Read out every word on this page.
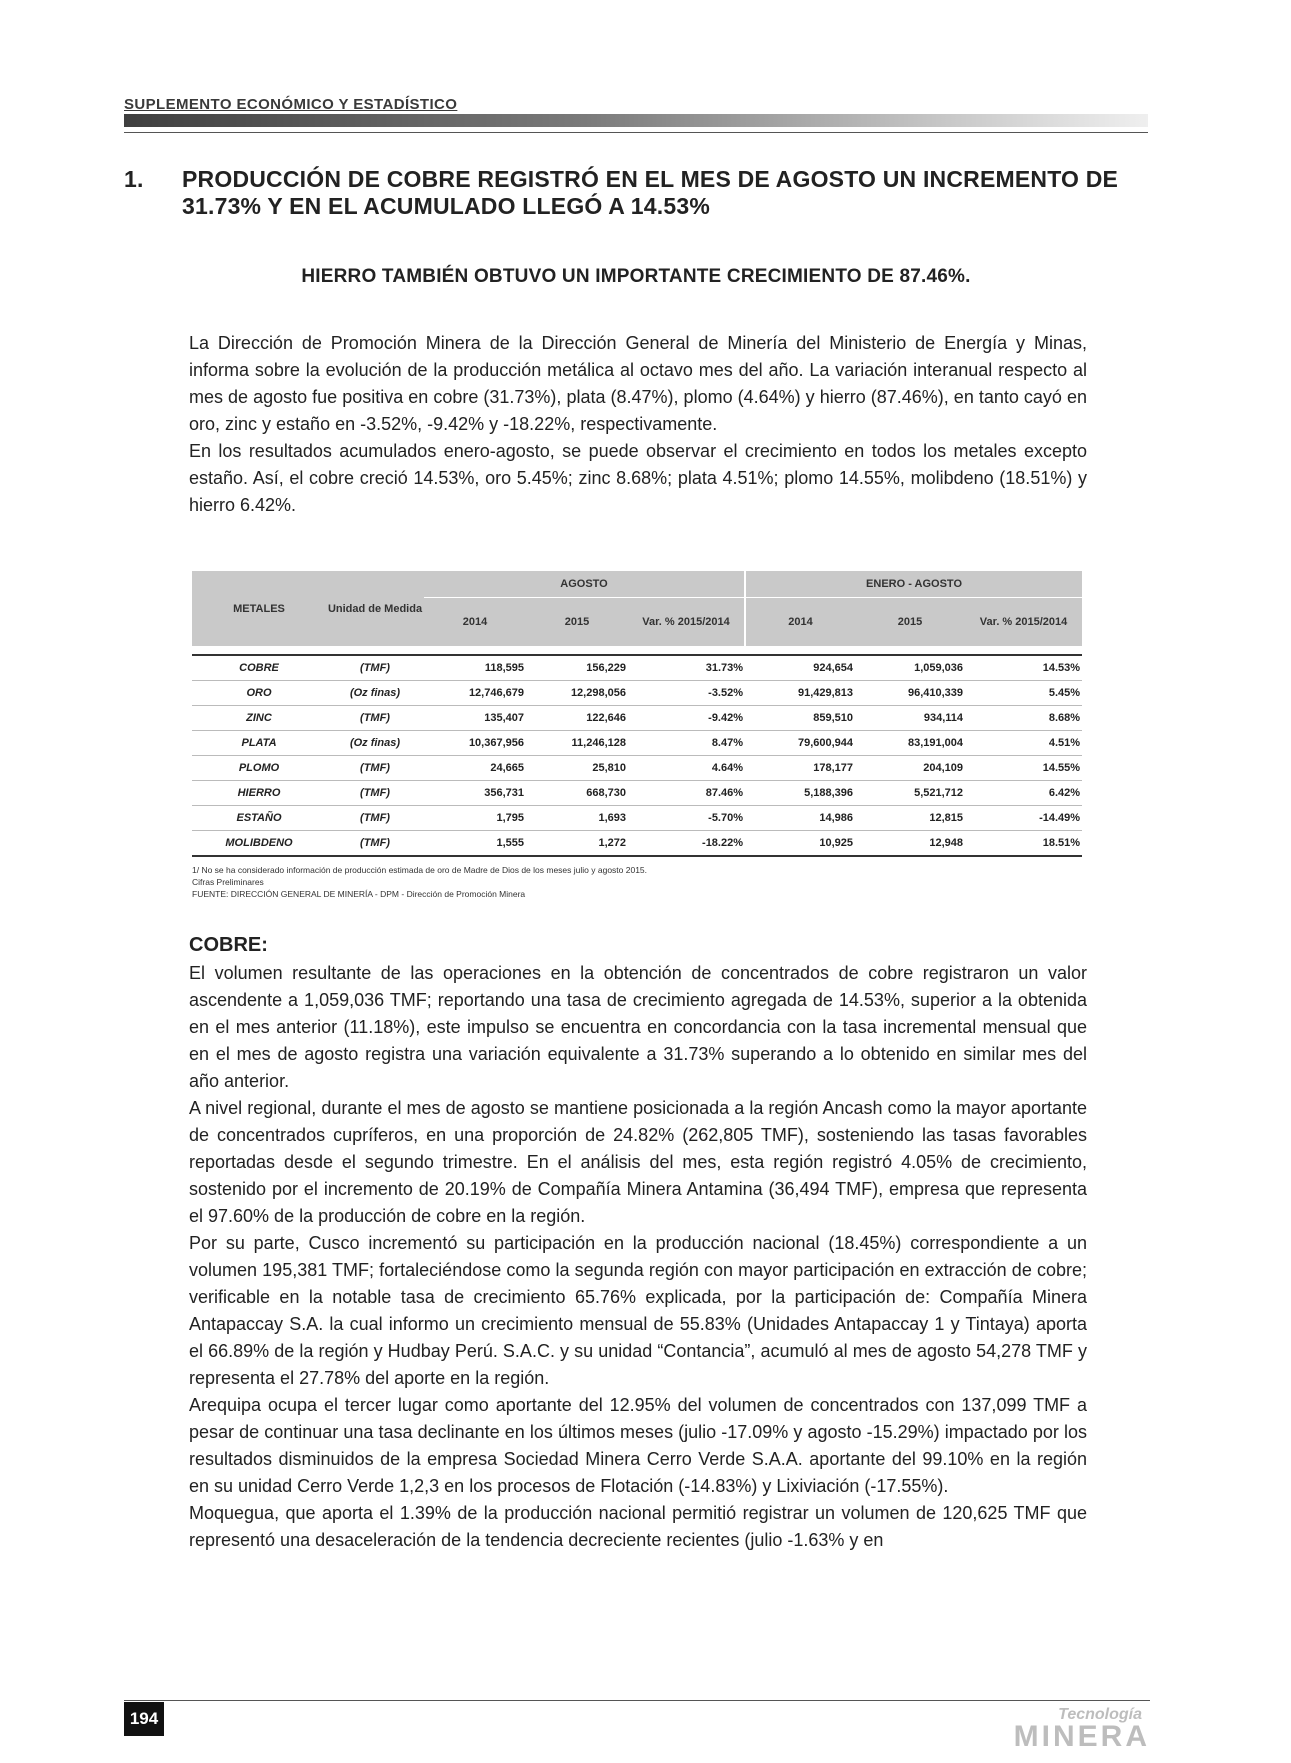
SUPLEMENTO ECONÓMICO Y ESTADÍSTICO
1. PRODUCCIÓN DE COBRE REGISTRÓ EN EL MES DE AGOSTO UN INCREMENTO DE 31.73% Y EN EL ACUMULADO LLEGÓ A 14.53%
HIERRO TAMBIÉN OBTUVO UN IMPORTANTE CRECIMIENTO DE 87.46%.

La Dirección de Promoción Minera de la Dirección General de Minería del Ministerio de Energía y Minas, informa sobre la evolución de la producción metálica al octavo mes del año. La variación interanual respecto al mes de agosto fue positiva en cobre (31.73%), plata (8.47%), plomo (4.64%) y hierro (87.46%), en tanto cayó en oro, zinc y estaño en -3.52%, -9.42% y -18.22%, respectivamente.

En los resultados acumulados enero-agosto, se puede observar el crecimiento en todos los metales excepto estaño. Así, el cobre creció 14.53%, oro 5.45%; zinc 8.68%; plata 4.51%; plomo 14.55%, molibdeno (18.51%) y hierro 6.42%.

METALES	Unidad de Medida	AGOSTO			ENERO - AGOSTO		
		2014	2015	Var. % 2015/2014	2014	2015	Var. % 2015/2014

COBRE	(TMF)	118,595	156,229	31.73%	924,654	1,059,036	14.53%
ORO	(Oz finas)	12,746,679	12,298,056	-3.52%	91,429,813	96,410,339	5.45%
ZINC	(TMF)	135,407	122,646	-9.42%	859,510	934,114	8.68%
PLATA	(Oz finas)	10,367,956	11,246,128	8.47%	79,600,944	83,191,004	4.51%
PLOMO	(TMF)	24,665	25,810	4.64%	178,177	204,109	14.55%
HIERRO	(TMF)	356,731	668,730	87.46%	5,188,396	5,521,712	6.42%
ESTAÑO	(TMF)	1,795	1,693	-5.70%	14,986	12,815	-14.49%
MOLIBDENO	(TMF)	1,555	1,272	-18.22%	10,925	12,948	18.51%
1/ No se ha considerado información de producción estimada de oro de Madre de Dios de los meses julio y agosto 2015.
Cifras Preliminares
FUENTE: DIRECCIÓN GENERAL DE MINERÍA - DPM - Dirección de Promoción Minera
COBRE:

El volumen resultante de las operaciones en la obtención de concentrados de cobre registraron un valor ascendente a 1,059,036 TMF; reportando una tasa de crecimiento agregada de 14.53%, superior a la obtenida en el mes anterior (11.18%), este impulso se encuentra en concordancia con la tasa incremental mensual que en el mes de agosto registra una variación equivalente a 31.73% superando a lo obtenido en similar mes del año anterior.

A nivel regional, durante el mes de agosto se mantiene posicionada a la región Ancash como la mayor aportante de concentrados cupríferos, en una proporción de 24.82% (262,805 TMF), sosteniendo las tasas favorables reportadas desde el segundo trimestre. En el análisis del mes, esta región registró 4.05% de crecimiento, sostenido por el incremento de 20.19% de Compañía Minera Antamina (36,494 TMF), empresa que representa el 97.60% de la producción de cobre en la región.

Por su parte, Cusco incrementó su participación en la producción nacional (18.45%) correspondiente a un volumen 195,381 TMF; fortaleciéndose como la segunda región con mayor participación en extracción de cobre; verificable en la notable tasa de crecimiento 65.76% explicada, por la participación de: Compañía Minera Antapaccay S.A. la cual informo un crecimiento mensual de 55.83% (Unidades Antapaccay 1 y Tintaya) aporta el 66.89% de la región y Hudbay Perú. S.A.C. y su unidad “Contancia”, acumuló al mes de agosto 54,278 TMF y representa el 27.78% del aporte en la región.

Arequipa ocupa el tercer lugar como aportante del 12.95% del volumen de concentrados con 137,099 TMF a pesar de continuar una tasa declinante en los últimos meses (julio -17.09% y agosto -15.29%) impactado por los resultados disminuidos de la empresa Sociedad Minera Cerro Verde S.A.A. aportante del 99.10% en la región en su unidad Cerro Verde 1,2,3 en los procesos de Flotación (-14.83%) y Lixiviación (-17.55%).

Moquegua, que aporta el 1.39% de la producción nacional permitió registrar un volumen de 120,625 TMF que representó una desaceleración de la tendencia decreciente recientes (julio -1.63% y en

194	Tecnología
MINERA
